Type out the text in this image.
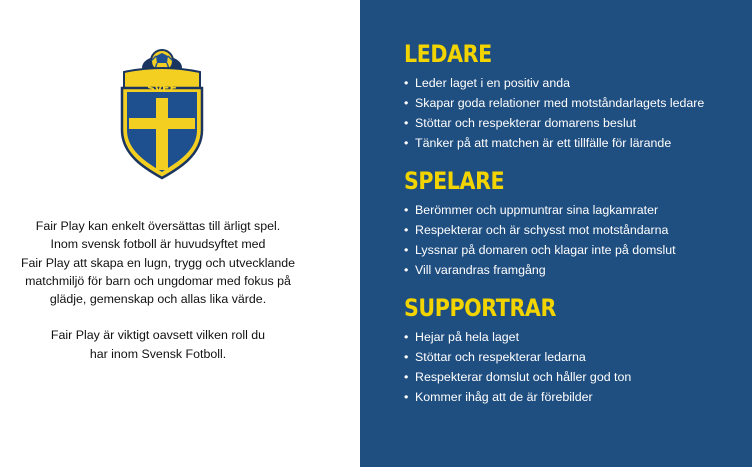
SvFF

Fair Play kan enkelt översättas till ärligt spel.
Inom svensk fotboll är huvudsyftet med
Fair Play att skapa en lugn, trygg och utvecklande
matchmiljö för barn och ungdomar med fokus på
glädje, gemenskap och allas lika värde.

Fair Play är viktigt oavsett vilken roll du
har inom Svensk Fotboll.

LEDARE
• Leder laget i en positiv anda
• Skapar goda relationer med motståndarlagets ledare
• Stöttar och respekterar domarens beslut
• Tänker på att matchen är ett tillfälle för lärande
SPELARE
• Berömmer och uppmuntrar sina lagkamrater
• Respekterar och är schysst mot motståndarna
• Lyssnar på domaren och klagar inte på domslut
• Vill varandras framgång
SUPPORTRAR
• Hejar på hela laget
• Stöttar och respekterar ledarna
• Respekterar domslut och håller god ton
• Kommer ihåg att de är förebilder
